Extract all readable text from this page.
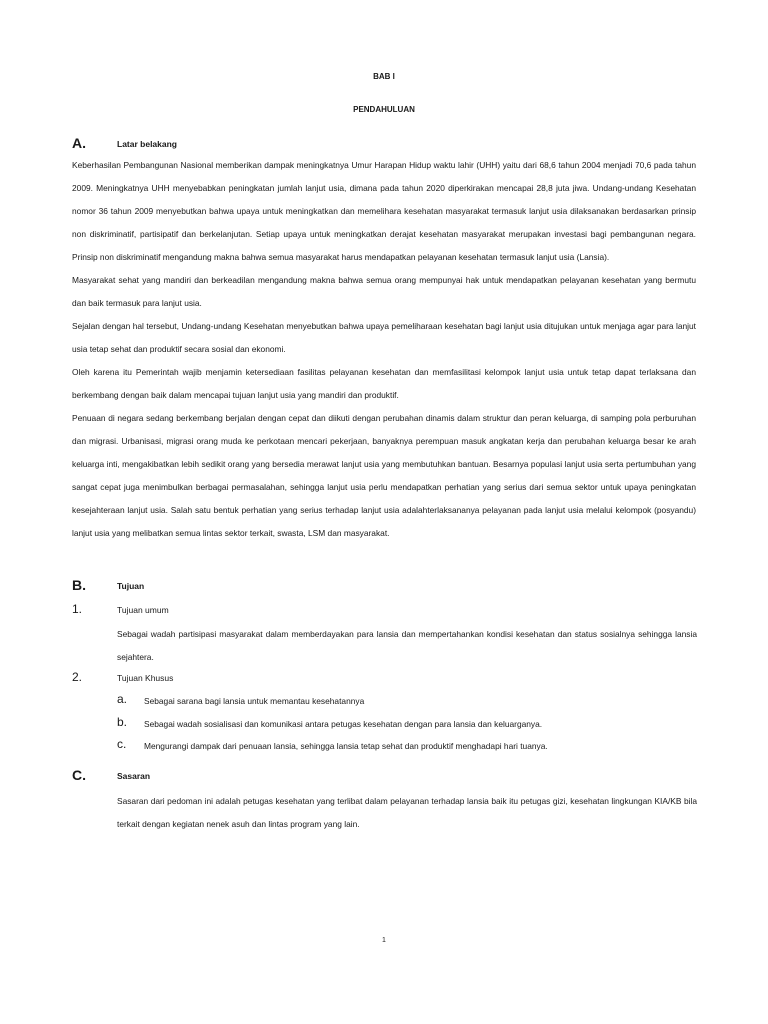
BAB I
PENDAHULUAN
A.	Latar belakang

Keberhasilan Pembangunan Nasional memberikan dampak meningkatnya Umur Harapan Hidup waktu lahir (UHH) yaitu dari 68,6 tahun 2004 menjadi 70,6 pada tahun 2009. Meningkatnya UHH menyebabkan peningkatan jumlah lanjut usia, dimana pada tahun 2020 diperkirakan mencapai 28,8 juta jiwa. Undang-undang Kesehatan nomor 36 tahun 2009 menyebutkan bahwa upaya untuk meningkatkan dan memelihara kesehatan masyarakat termasuk lanjut usia dilaksanakan berdasarkan prinsip non diskriminatif, partisipatif dan berkelanjutan. Setiap upaya untuk meningkatkan derajat kesehatan masyarakat merupakan investasi bagi pembangunan negara. Prinsip non diskriminatif mengandung makna bahwa semua masyarakat harus mendapatkan pelayanan kesehatan termasuk lanjut usia (Lansia).

Masyarakat sehat yang mandiri dan berkeadilan mengandung makna bahwa semua orang mempunyai hak untuk mendapatkan pelayanan kesehatan yang bermutu dan baik termasuk para lanjut usia.

Sejalan dengan hal tersebut, Undang-undang Kesehatan menyebutkan bahwa upaya pemeliharaan kesehatan bagi lanjut usia ditujukan untuk menjaga agar para lanjut usia tetap sehat dan produktif secara sosial dan ekonomi.

Oleh karena itu Pemerintah wajib menjamin ketersediaan fasilitas pelayanan kesehatan dan memfasilitasi kelompok lanjut usia untuk tetap dapat terlaksana dan berkembang dengan baik dalam mencapai tujuan lanjut usia yang mandiri dan produktif.

Penuaan di negara sedang berkembang berjalan dengan cepat dan diikuti dengan perubahan dinamis dalam struktur dan peran keluarga, di samping pola perburuhan dan migrasi. Urbanisasi, migrasi orang muda ke perkotaan mencari pekerjaan, banyaknya perempuan masuk angkatan kerja dan perubahan keluarga besar ke arah keluarga inti, mengakibatkan lebih sedikit orang yang bersedia merawat lanjut usia yang membutuhkan bantuan. Besarnya populasi lanjut usia serta pertumbuhan yang sangat cepat juga menimbulkan berbagai permasalahan, sehingga lanjut usia perlu mendapatkan perhatian yang serius dari semua sektor untuk upaya peningkatan kesejahteraan lanjut usia. Salah satu bentuk perhatian yang serius terhadap lanjut usia adalahterlaksananya pelayanan pada lanjut usia melalui kelompok (posyandu) lanjut usia yang melibatkan semua lintas sektor terkait, swasta, LSM dan masyarakat.

B.	Tujuan
1.	Tujuan umum

Sebagai wadah partisipasi masyarakat dalam memberdayakan para lansia dan mempertahankan kondisi kesehatan dan status sosialnya sehingga lansia sejahtera.

2.	Tujuan Khusus
a. Sebagai sarana bagi lansia untuk memantau kesehatannya
b. Sebagai wadah sosialisasi dan komunikasi antara petugas kesehatan dengan para lansia dan keluarganya.
c. Mengurangi dampak dari penuaan lansia, sehingga lansia tetap sehat dan produktif menghadapi hari tuanya.
C.	Sasaran

Sasaran dari pedoman ini adalah petugas kesehatan yang terlibat dalam pelayanan terhadap lansia baik itu petugas gizi, kesehatan lingkungan KIA/KB bila terkait dengan kegiatan nenek asuh dan lintas program yang lain.

1
